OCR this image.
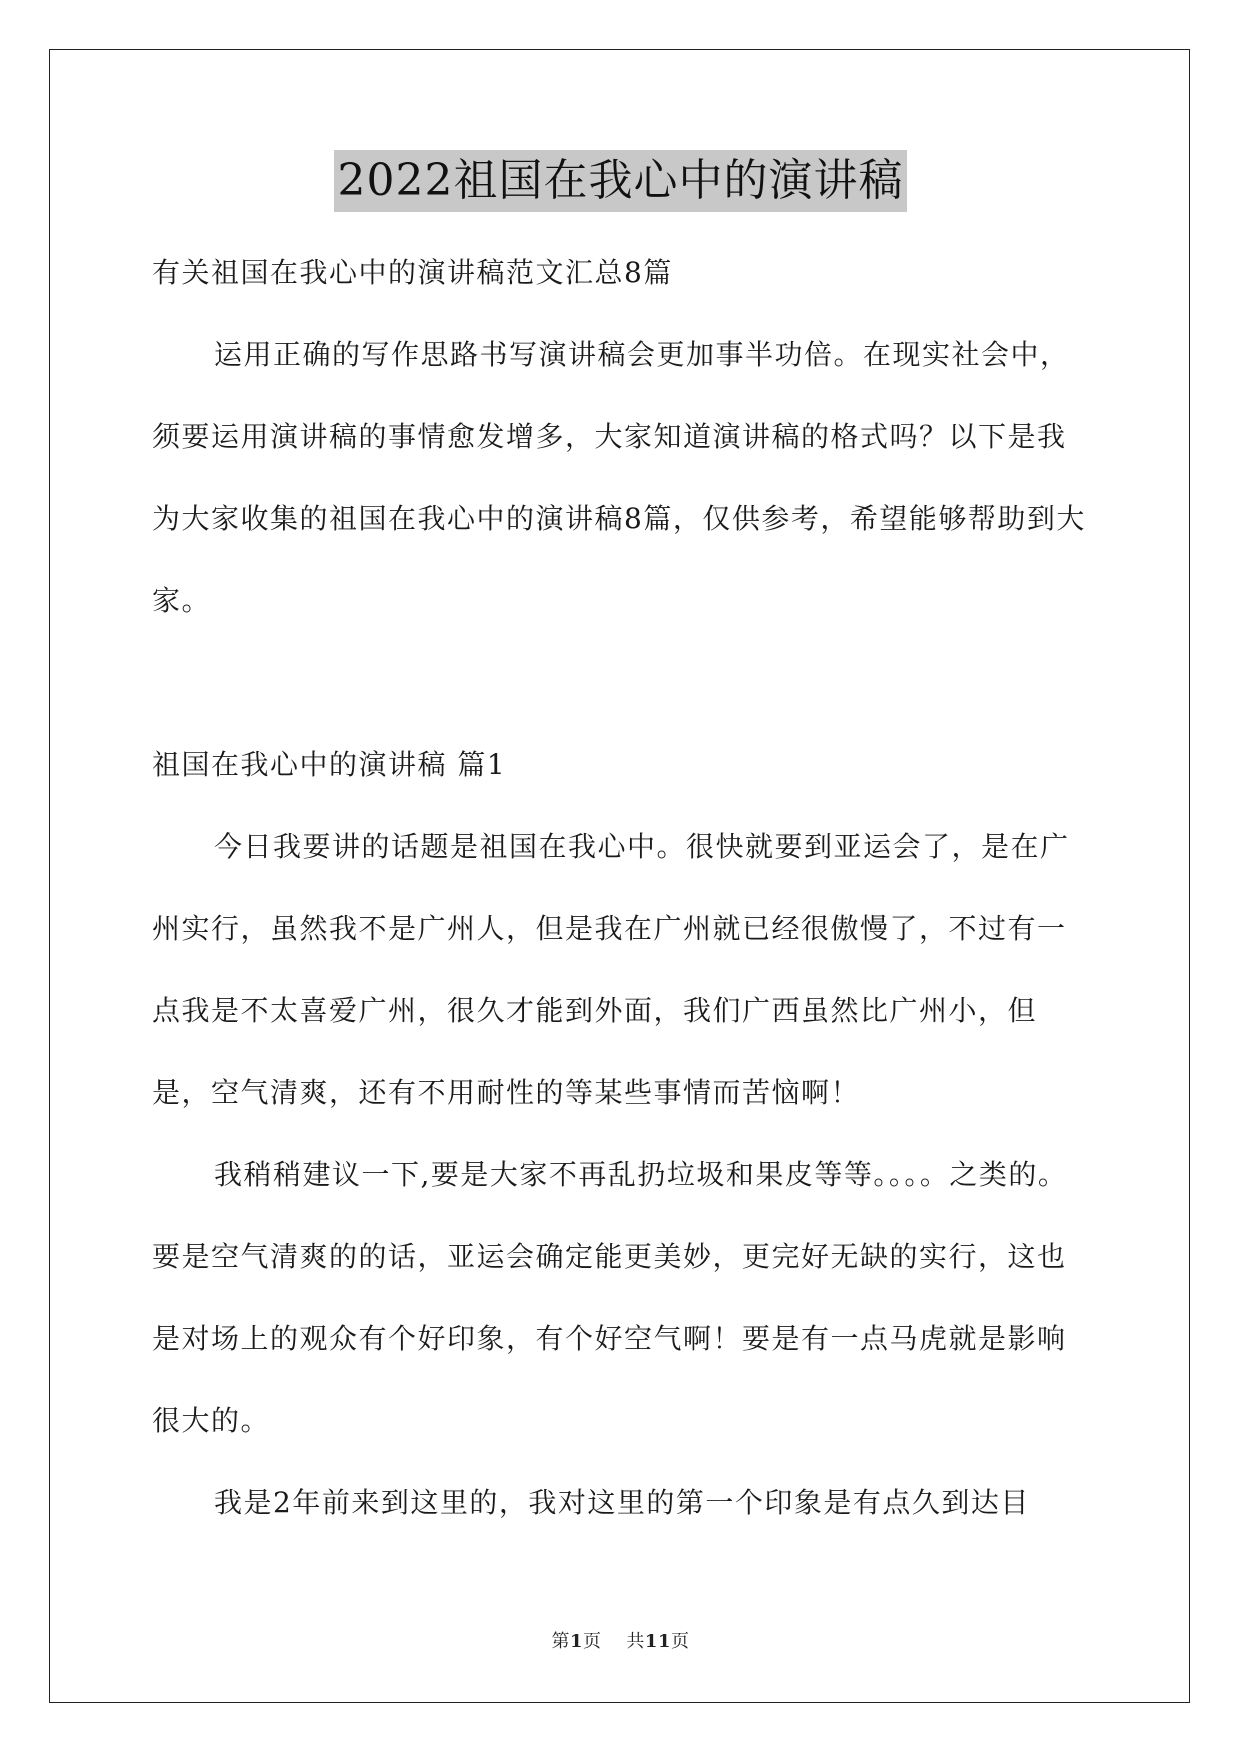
2022祖国在我心中的演讲稿

有关祖国在我心中的演讲稿范文汇总8篇

运用正确的写作思路书写演讲稿会更加事半功倍。在现实社会中，须要运用演讲稿的事情愈发增多，大家知道演讲稿的格式吗？以下是我为大家收集的祖国在我心中的演讲稿8篇，仅供参考，希望能够帮助到大家。

祖国在我心中的演讲稿 篇1

今日我要讲的话题是祖国在我心中。很快就要到亚运会了，是在广州实行，虽然我不是广州人，但是我在广州就已经很傲慢了，不过有一点我是不太喜爱广州，很久才能到外面，我们广西虽然比广州小，但是，空气清爽，还有不用耐性的等某些事情而苦恼啊！

我稍稍建议一下,要是大家不再乱扔垃圾和果皮等等。。。。之类的。要是空气清爽的的话，亚运会确定能更美妙，更完好无缺的实行，这也是对场上的观众有个好印象，有个好空气啊！要是有一点马虎就是影响很大的。

我是2年前来到这里的，我对这里的第一个印象是有点久到达目

第1页 共11页
